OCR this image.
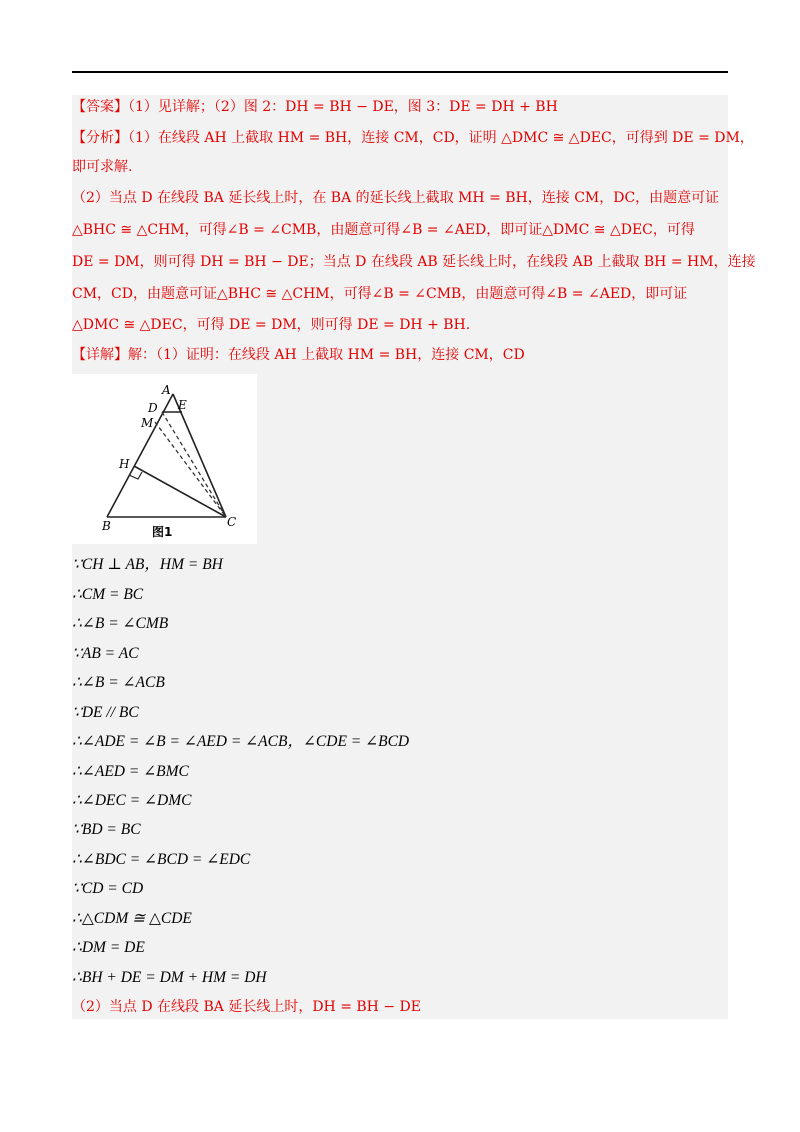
【答案】（1）见详解；（2）图 2：DH = BH − DE，图 3：DE = DH + BH
【分析】（1）在线段 AH 上截取 HM = BH，连接 CM，CD，证明 △DMC ≅ △DEC，可得到 DE = DM，
即可求解.
（2）当点 D 在线段 BA 延长线上时，在 BA 的延长线上截取 MH = BH，连接 CM，DC，由题意可证
△BHC ≅ △CHM，可得∠B = ∠CMB，由题意可得∠B = ∠AED，即可证△DMC ≅ △DEC，可得
DE = DM，则可得 DH = BH − DE；当点 D 在线段 AB 延长线上时，在线段 AB 上截取 BH = HM，连接
CM，CD，由题意可证△BHC ≅ △CHM，可得∠B = ∠CMB，由题意可得∠B = ∠AED，即可证
△DMC ≅ △DEC，可得 DE = DM，则可得 DE = DH + BH.
【详解】解：（1）证明：在线段 AH 上截取 HM = BH，连接 CM，CD
A
E
D
M
H
B	C
图1
∵CH ⊥ AB，HM = BH
∴CM = BC
∴∠B = ∠CMB
∵AB = AC
∴∠B = ∠ACB
∵DE // BC
∴∠ADE = ∠B = ∠AED = ∠ACB，∠CDE = ∠BCD
∴∠AED = ∠BMC
∴∠DEC = ∠DMC
∵BD = BC
∴∠BDC = ∠BCD = ∠EDC
∵CD = CD
∴△CDM ≅ △CDE
∴DM = DE
∴BH + DE = DM + HM = DH
（2）当点 D 在线段 BA 延长线上时，DH = BH − DE
